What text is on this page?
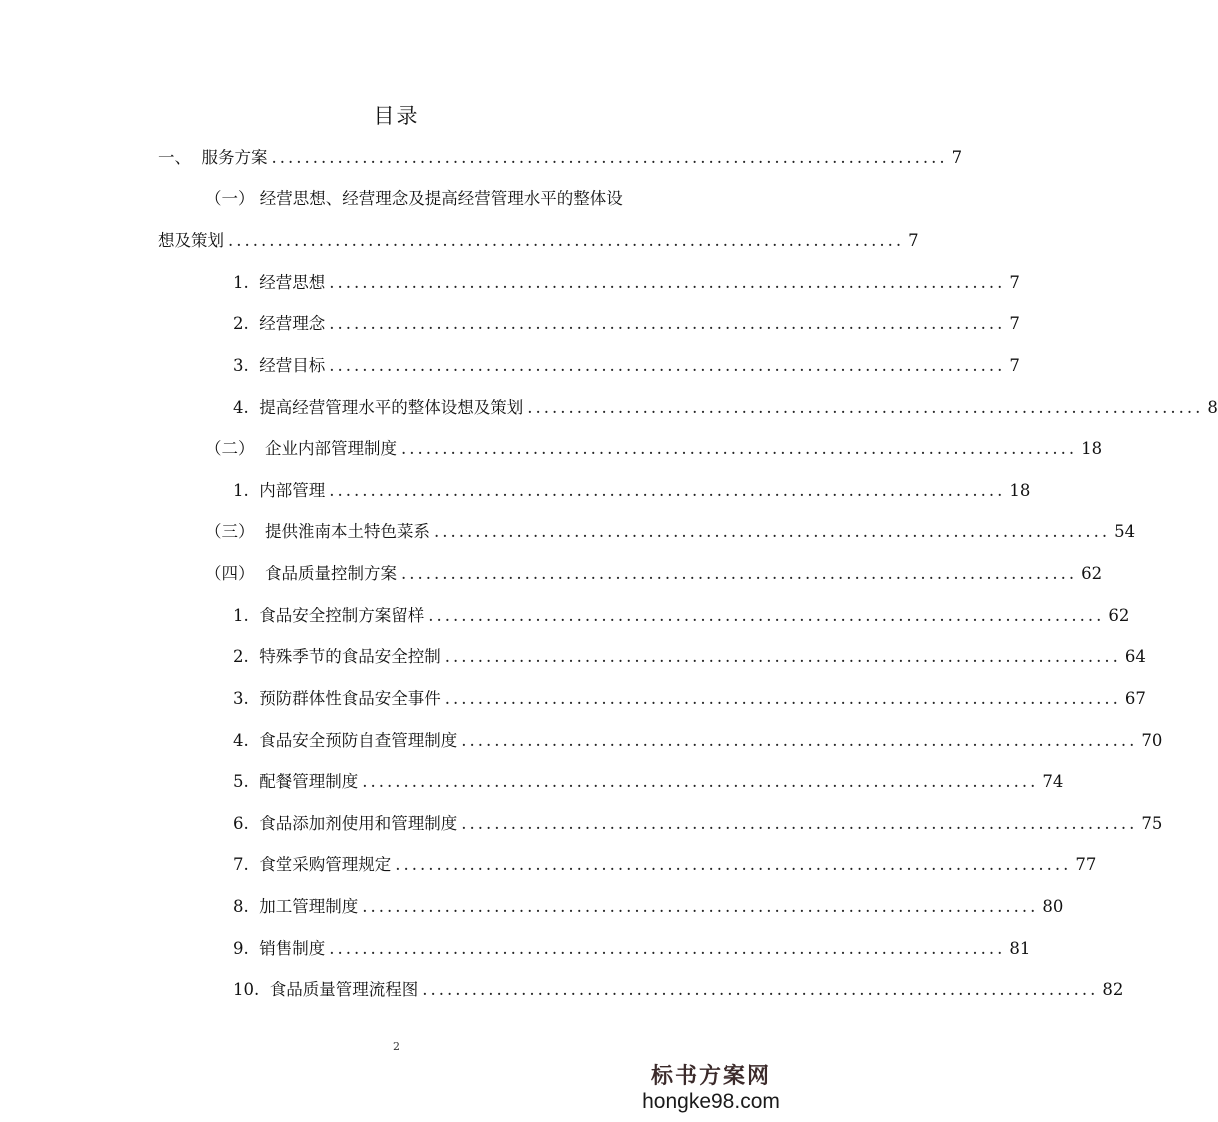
目录
一、 服务方案 .................................................................................. 7
（一） 经营思想、经营理念及提高经营管理水平的整体设
想及策划 .................................................................................. 7
1. 经营思想 .................................................................................. 7
2. 经营理念 .................................................................................. 7
3. 经营目标 .................................................................................. 7
4. 提高经营管理水平的整体设想及策划 .................................................................................. 8
（二） 企业内部管理制度 .................................................................................. 18
1. 内部管理 .................................................................................. 18
（三） 提供淮南本土特色菜系 .................................................................................. 54
（四） 食品质量控制方案 .................................................................................. 62
1. 食品安全控制方案留样 .................................................................................. 62
2. 特殊季节的食品安全控制 .................................................................................. 64
3. 预防群体性食品安全事件 .................................................................................. 67
4. 食品安全预防自查管理制度 .................................................................................. 70
5. 配餐管理制度 .................................................................................. 74
6. 食品添加剂使用和管理制度 .................................................................................. 75
7. 食堂采购管理规定 .................................................................................. 77
8. 加工管理制度 .................................................................................. 80
9. 销售制度 .................................................................................. 81
10. 食品质量管理流程图 .................................................................................. 82
2
标书方案网
hongke98.com
